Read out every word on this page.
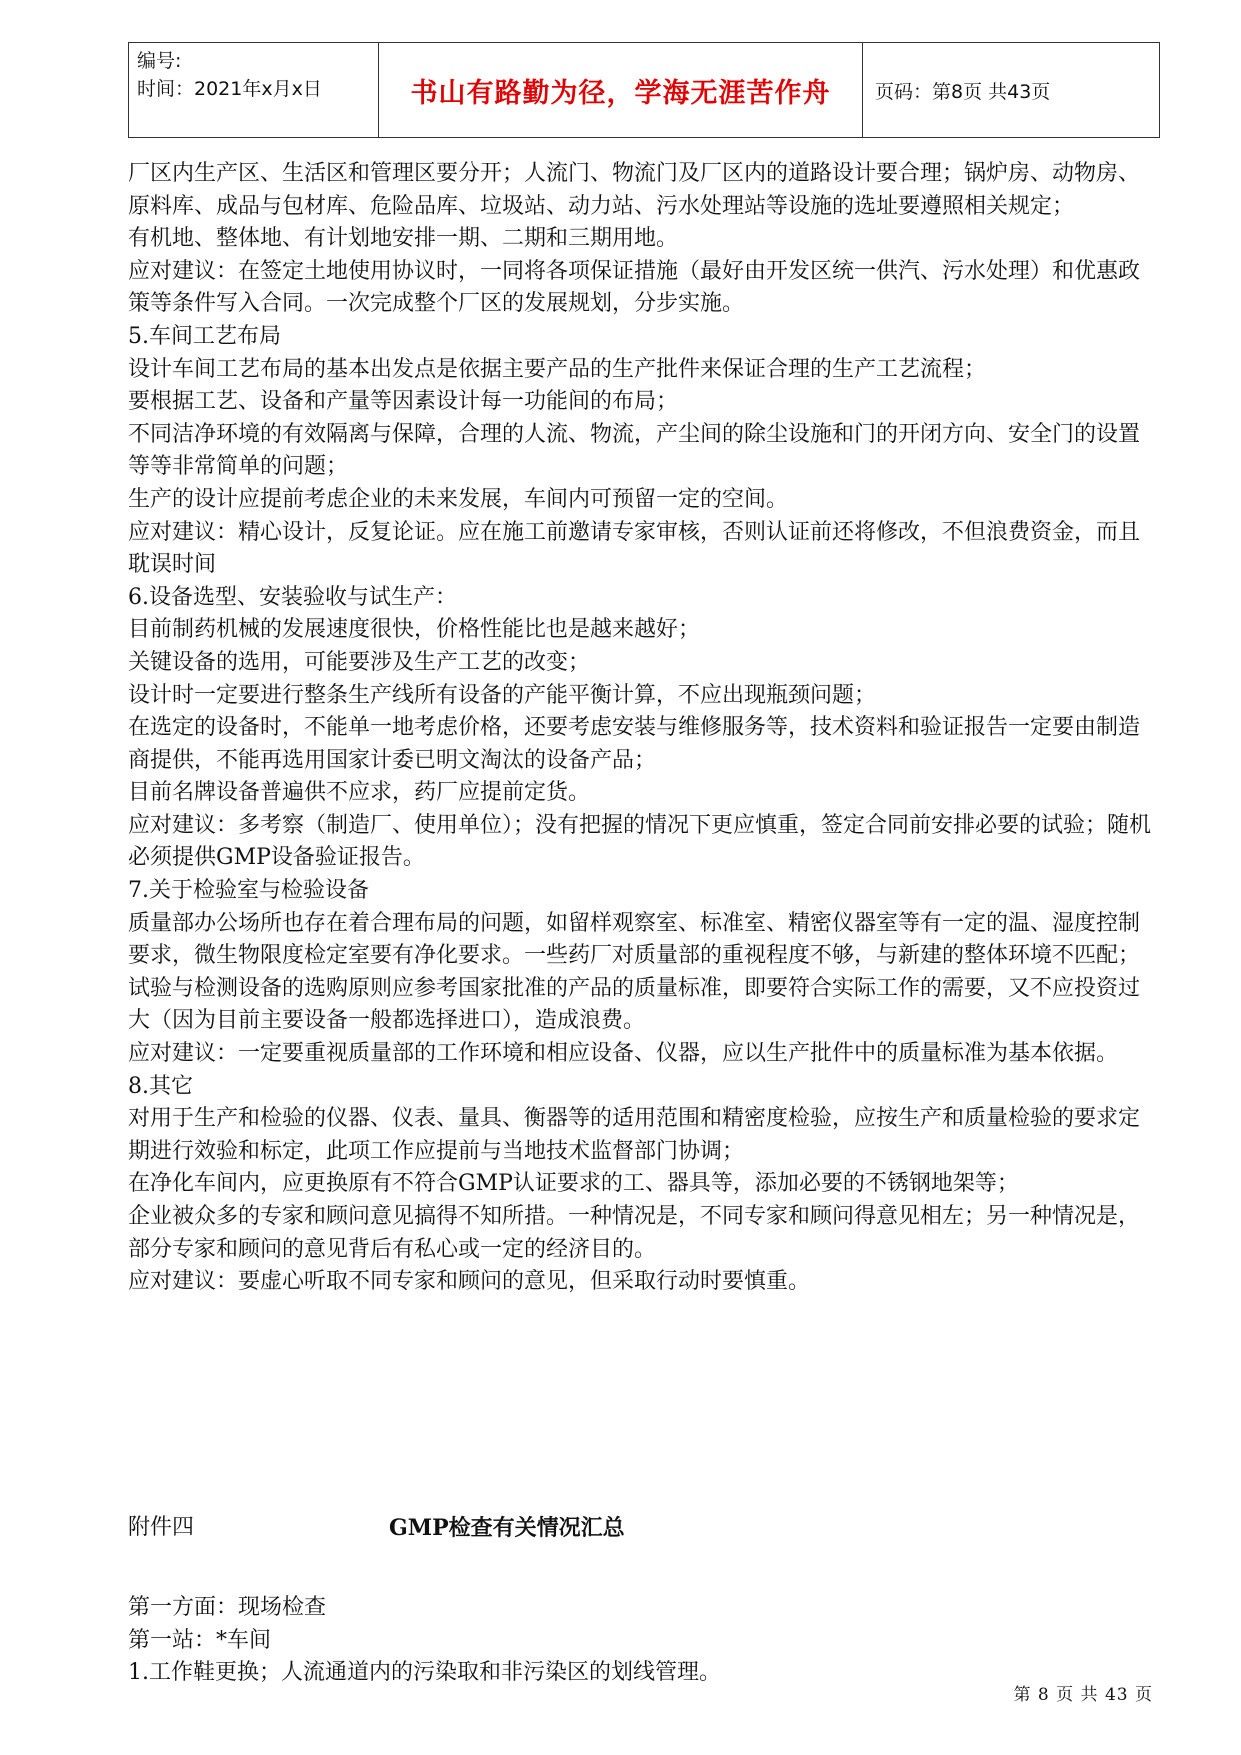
编号:
时间：2021年x月x日	书山有路勤为径，学海无涯苦作舟	页码：第8页 共43页

厂区内生产区、生活区和管理区要分开；人流门、物流门及厂区内的道路设计要合理；锅炉房、动物房、原料库、成品与包材库、危险品库、垃圾站、动力站、污水处理站等设施的选址要遵照相关规定；

有机地、整体地、有计划地安排一期、二期和三期用地。

应对建议：在签定土地使用协议时，一同将各项保证措施（最好由开发区统一供汽、污水处理）和优惠政策等条件写入合同。一次完成整个厂区的发展规划，分步实施。

5.车间工艺布局

设计车间工艺布局的基本出发点是依据主要产品的生产批件来保证合理的生产工艺流程；

要根据工艺、设备和产量等因素设计每一功能间的布局；

不同洁净环境的有效隔离与保障，合理的人流、物流，产尘间的除尘设施和门的开闭方向、安全门的设置等等非常简单的问题；

生产的设计应提前考虑企业的未来发展，车间内可预留一定的空间。

应对建议：精心设计，反复论证。应在施工前邀请专家审核，否则认证前还将修改，不但浪费资金，而且耽误时间

6.设备选型、安装验收与试生产：

目前制药机械的发展速度很快，价格性能比也是越来越好；

关键设备的选用，可能要涉及生产工艺的改变；

设计时一定要进行整条生产线所有设备的产能平衡计算，不应出现瓶颈问题；

在选定的设备时，不能单一地考虑价格，还要考虑安装与维修服务等，技术资料和验证报告一定要由制造商提供，不能再选用国家计委已明文淘汰的设备产品；

目前名牌设备普遍供不应求，药厂应提前定货。

应对建议：多考察（制造厂、使用单位）；没有把握的情况下更应慎重，签定合同前安排必要的试验；随机必须提供GMP设备验证报告。

7.关于检验室与检验设备

质量部办公场所也存在着合理布局的问题，如留样观察室、标准室、精密仪器室等有一定的温、湿度控制要求，微生物限度检定室要有净化要求。一些药厂对质量部的重视程度不够，与新建的整体环境不匹配；

试验与检测设备的选购原则应参考国家批准的产品的质量标准，即要符合实际工作的需要，又不应投资过大（因为目前主要设备一般都选择进口），造成浪费。

应对建议：一定要重视质量部的工作环境和相应设备、仪器，应以生产批件中的质量标准为基本依据。

8.其它

对用于生产和检验的仪器、仪表、量具、衡器等的适用范围和精密度检验，应按生产和质量检验的要求定期进行效验和标定，此项工作应提前与当地技术监督部门协调；

在净化车间内，应更换原有不符合GMP认证要求的工、器具等，添加必要的不锈钢地架等；

企业被众多的专家和顾问意见搞得不知所措。一种情况是，不同专家和顾问得意见相左；另一种情况是，部分专家和顾问的意见背后有私心或一定的经济目的。

应对建议：要虚心听取不同专家和顾问的意见，但采取行动时要慎重。

附件四	GMP检查有关情况汇总

第一方面：现场检查

第一站：*车间

1.工作鞋更换；人流通道内的污染取和非污染区的划线管理。

第 8 页 共 43 页
